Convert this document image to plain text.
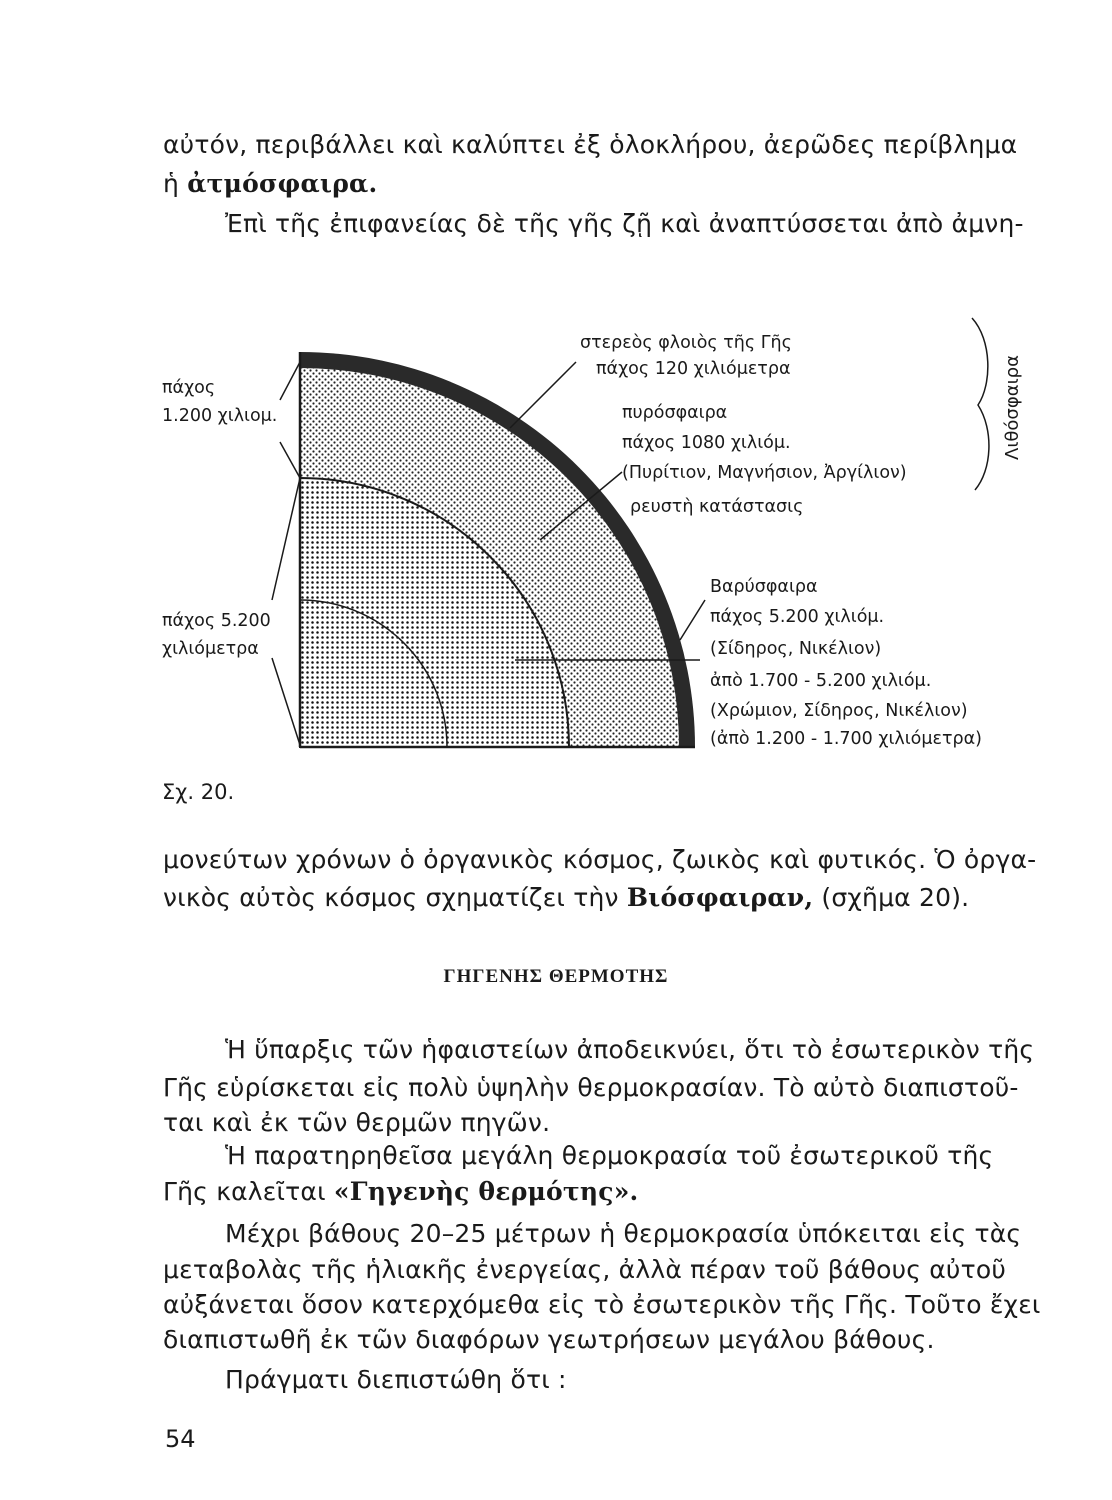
αὐτόν, περιβάλλει καὶ καλύπτει ἐξ ὁλοκλήρου, ἀερῶδες περίβλημα
ἡ ἀτμόσφαιρα.
Ἐπὶ τῆς ἐπιφανείας δὲ τῆς γῆς ζῇ καὶ ἀναπτύσσεται ἀπὸ ἀμνη-
πάχος
1.200 χιλιομ.
πάχος 5.200
χιλιόμετρα
στερεὸς φλοιὸς τῆς Γῆς
πάχος 120 χιλιόμετρα
πυρόσφαιρα
πάχος 1080 χιλιόμ.
(Πυρίτιον, Μαγνήσιον, Ἀργίλιον)
ρευστὴ κατάστασις
Βαρύσφαιρα
πάχος 5.200 χιλιόμ.
(Σίδηρος, Νικέλιον)
ἀπὸ 1.700 - 5.200 χιλιόμ.
(Χρώμιον, Σίδηρος, Νικέλιον)
(ἀπὸ 1.200 - 1.700 χιλιόμετρα)
Λιθόσφαιρα
Σχ. 20.
μονεύτων χρόνων ὁ ὀργανικὸς κόσμος, ζωικὸς καὶ φυτικός. Ὁ ὀργα-
νικὸς αὐτὸς κόσμος σχηματίζει τὴν Βιόσφαιραν, (σχῆμα 20).
ΓΗΓΕΝΗΣ ΘΕΡΜΟΤΗΣ
Ἡ ὕπαρξις τῶν ἡφαιστείων ἀποδεικνύει, ὅτι τὸ ἐσωτερικὸν τῆς
Γῆς εὑρίσκεται εἰς πολὺ ὑψηλὴν θερμοκρασίαν. Τὸ αὐτὸ διαπιστοῦ-
ται καὶ ἐκ τῶν θερμῶν πηγῶν.
Ἡ παρατηρηθεῖσα μεγάλη θερμοκρασία τοῦ ἐσωτερικοῦ τῆς
Γῆς καλεῖται «Γηγενὴς θερμότης».
Μέχρι βάθους 20–25 μέτρων ἡ θερμοκρασία ὑπόκειται εἰς τὰς
μεταβολὰς τῆς ἡλιακῆς ἐνεργείας, ἀλλὰ πέραν τοῦ βάθους αὐτοῦ
αὐξάνεται ὅσον κατερχόμεθα εἰς τὸ ἐσωτερικὸν τῆς Γῆς. Τοῦτο ἔχει
διαπιστωθῆ ἐκ τῶν διαφόρων γεωτρήσεων μεγάλου βάθους.
Πράγματι διεπιστώθη ὅτι :
54
